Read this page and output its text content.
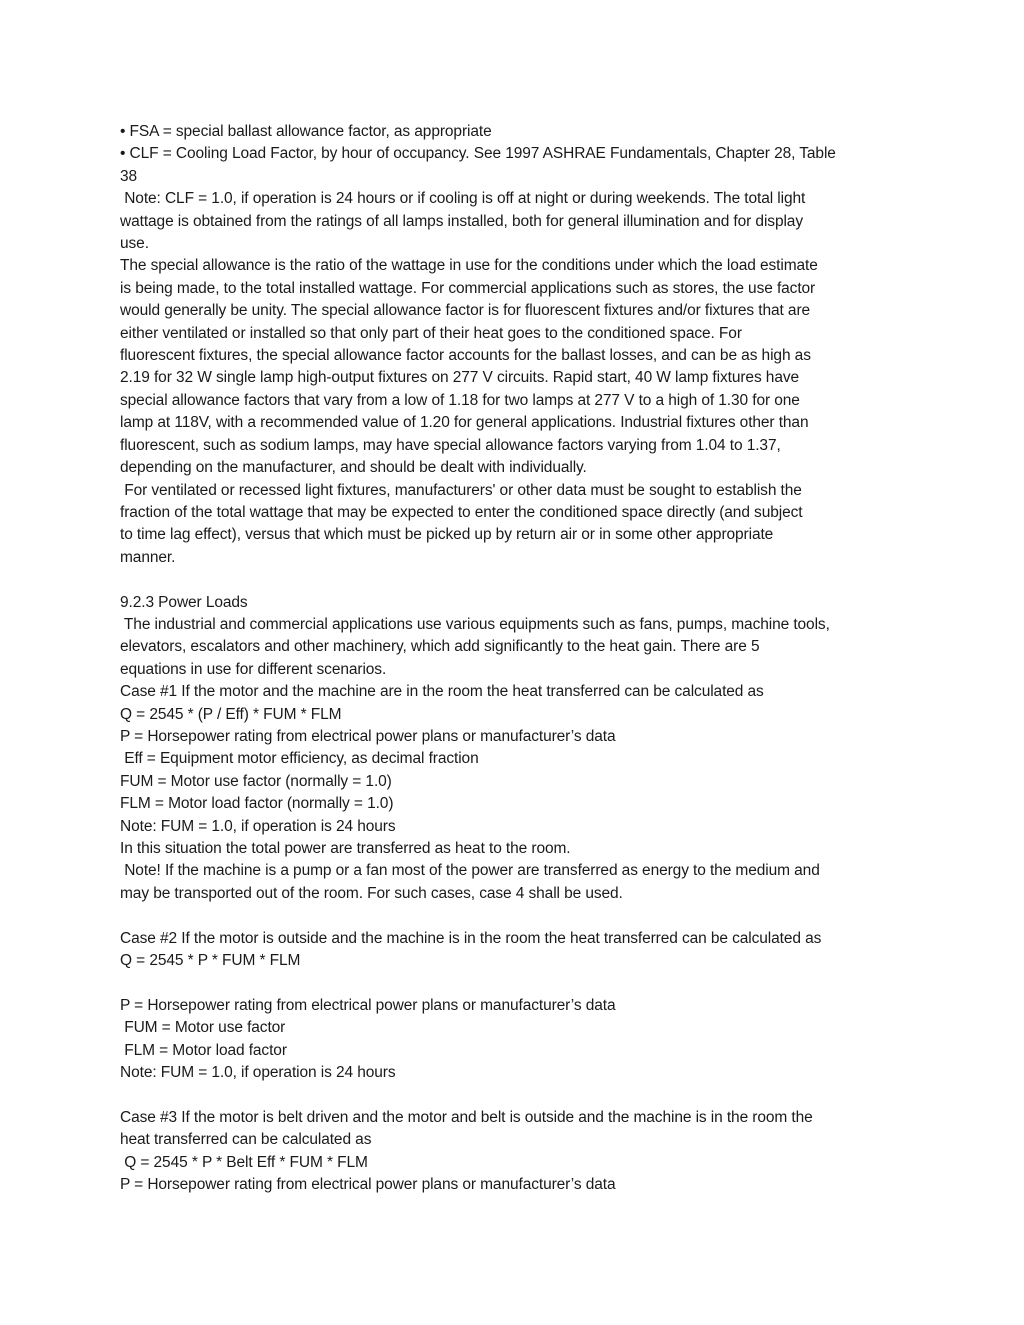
• FSA = special ballast allowance factor, as appropriate
• CLF = Cooling Load Factor, by hour of occupancy. See 1997 ASHRAE Fundamentals, Chapter 28, Table
38
Note: CLF = 1.0, if operation is 24 hours or if cooling is off at night or during weekends. The total light
wattage is obtained from the ratings of all lamps installed, both for general illumination and for display
use.
The special allowance is the ratio of the wattage in use for the conditions under which the load estimate
is being made, to the total installed wattage. For commercial applications such as stores, the use factor
would generally be unity. The special allowance factor is for fluorescent fixtures and/or fixtures that are
either ventilated or installed so that only part of their heat goes to the conditioned space. For
fluorescent fixtures, the special allowance factor accounts for the ballast losses, and can be as high as
2.19 for 32 W single lamp high-output fixtures on 277 V circuits. Rapid start, 40 W lamp fixtures have
special allowance factors that vary from a low of 1.18 for two lamps at 277 V to a high of 1.30 for one
lamp at 118V, with a recommended value of 1.20 for general applications. Industrial fixtures other than
fluorescent, such as sodium lamps, may have special allowance factors varying from 1.04 to 1.37,
depending on the manufacturer, and should be dealt with individually.
For ventilated or recessed light fixtures, manufacturers' or other data must be sought to establish the
fraction of the total wattage that may be expected to enter the conditioned space directly (and subject
to time lag effect), versus that which must be picked up by return air or in some other appropriate
manner.
9.2.3 Power Loads
The industrial and commercial applications use various equipments such as fans, pumps, machine tools,
elevators, escalators and other machinery, which add significantly to the heat gain. There are 5
equations in use for different scenarios.
Case #1 If the motor and the machine are in the room the heat transferred can be calculated as
Q = 2545 * (P / Eff) * FUM * FLM
P = Horsepower rating from electrical power plans or manufacturer’s data
Eff = Equipment motor efficiency, as decimal fraction
FUM = Motor use factor (normally = 1.0)
FLM = Motor load factor (normally = 1.0)
Note: FUM = 1.0, if operation is 24 hours
In this situation the total power are transferred as heat to the room.
Note! If the machine is a pump or a fan most of the power are transferred as energy to the medium and
may be transported out of the room. For such cases, case 4 shall be used.
Case #2 If the motor is outside and the machine is in the room the heat transferred can be calculated as
Q = 2545 * P * FUM * FLM
P = Horsepower rating from electrical power plans or manufacturer’s data
FUM = Motor use factor
FLM = Motor load factor
Note: FUM = 1.0, if operation is 24 hours
Case #3 If the motor is belt driven and the motor and belt is outside and the machine is in the room the
heat transferred can be calculated as
Q = 2545 * P * Belt Eff * FUM * FLM
P = Horsepower rating from electrical power plans or manufacturer’s data
